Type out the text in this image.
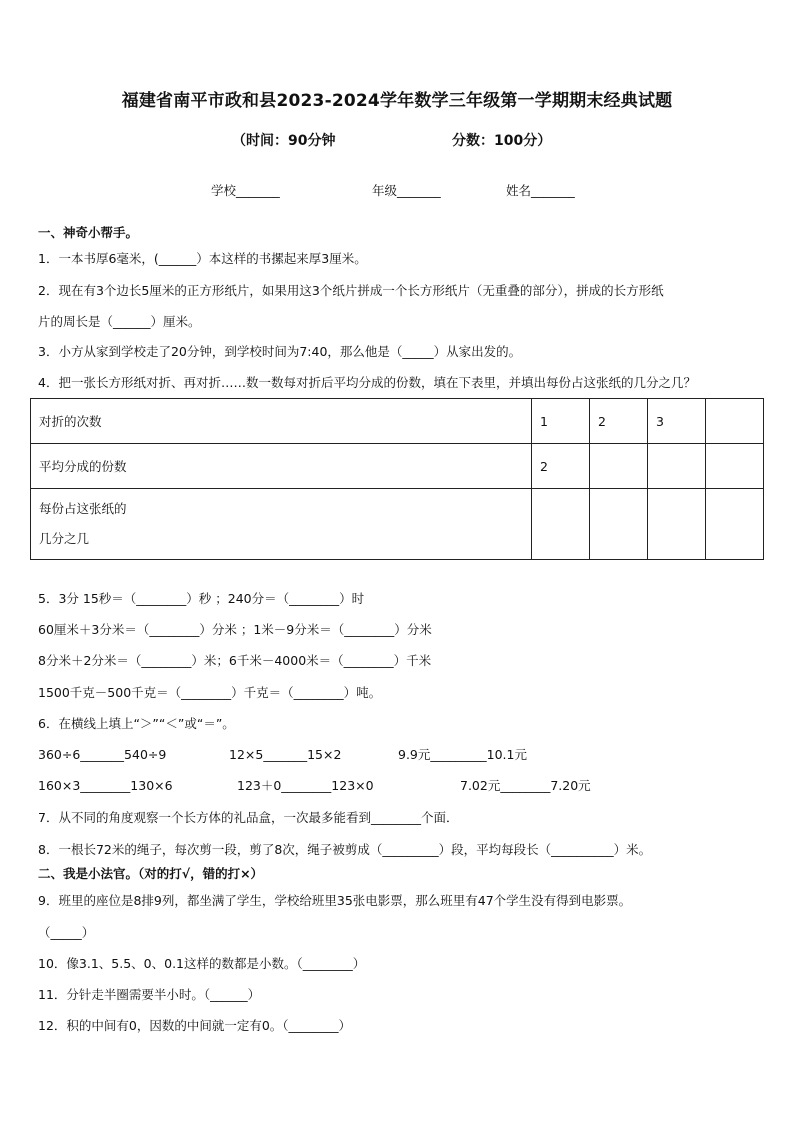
福建省南平市政和县2023-2024学年数学三年级第一学期期末经典试题
（时间：90分钟	分数：100分）
学校_______	年级_______	姓名_______
一、神奇小帮手。
1．一本书厚6毫米，(______）本这样的书摞起来厚3厘米。
2．现在有3个边长5厘米的正方形纸片，如果用这3个纸片拼成一个长方形纸片（无重叠的部分），拼成的长方形纸
片的周长是（______）厘米。
3．小方从家到学校走了20分钟，到学校时间为7:40，那么他是（_____）从家出发的。
4．把一张长方形纸对折、再对折……数一数每对折后平均分成的份数，填在下表里，并填出每份占这张纸的几分之几？
对折的次数	1	2	3	
平均分成的份数	2			

每份占这张纸的
几分之几				

5．3分 15秒＝（________）秒 ；240分＝（________）时
60厘米＋3分米＝（________）分米 ；1米－9分米＝（________）分米
8分米＋2分米＝（________）米；6千米－4000米＝（________）千米
1500千克－500千克＝（________）千克＝（________）吨。
6．在横线上填上“＞”“＜”或“＝”。
360÷6_______540÷9	12×5_______15×2	9.9元_________10.1元
160×3________130×6	123＋0________123×0	7.02元________7.20元
7．从不同的角度观察一个长方体的礼品盒，一次最多能看到________个面．
8．一根长72米的绳子，每次剪一段，剪了8次，绳子被剪成（_________）段，平均每段长（__________）米。
二、我是小法官。（对的打√，错的打×）
9．班里的座位是8排9列，都坐满了学生，学校给班里35张电影票，那么班里有47个学生没有得到电影票。
（_____）
10．像3.1、5.5、0、0.1这样的数都是小数。（________）
11．分针走半圈需要半小时。（______）
12．积的中间有0，因数的中间就一定有0。（________）
